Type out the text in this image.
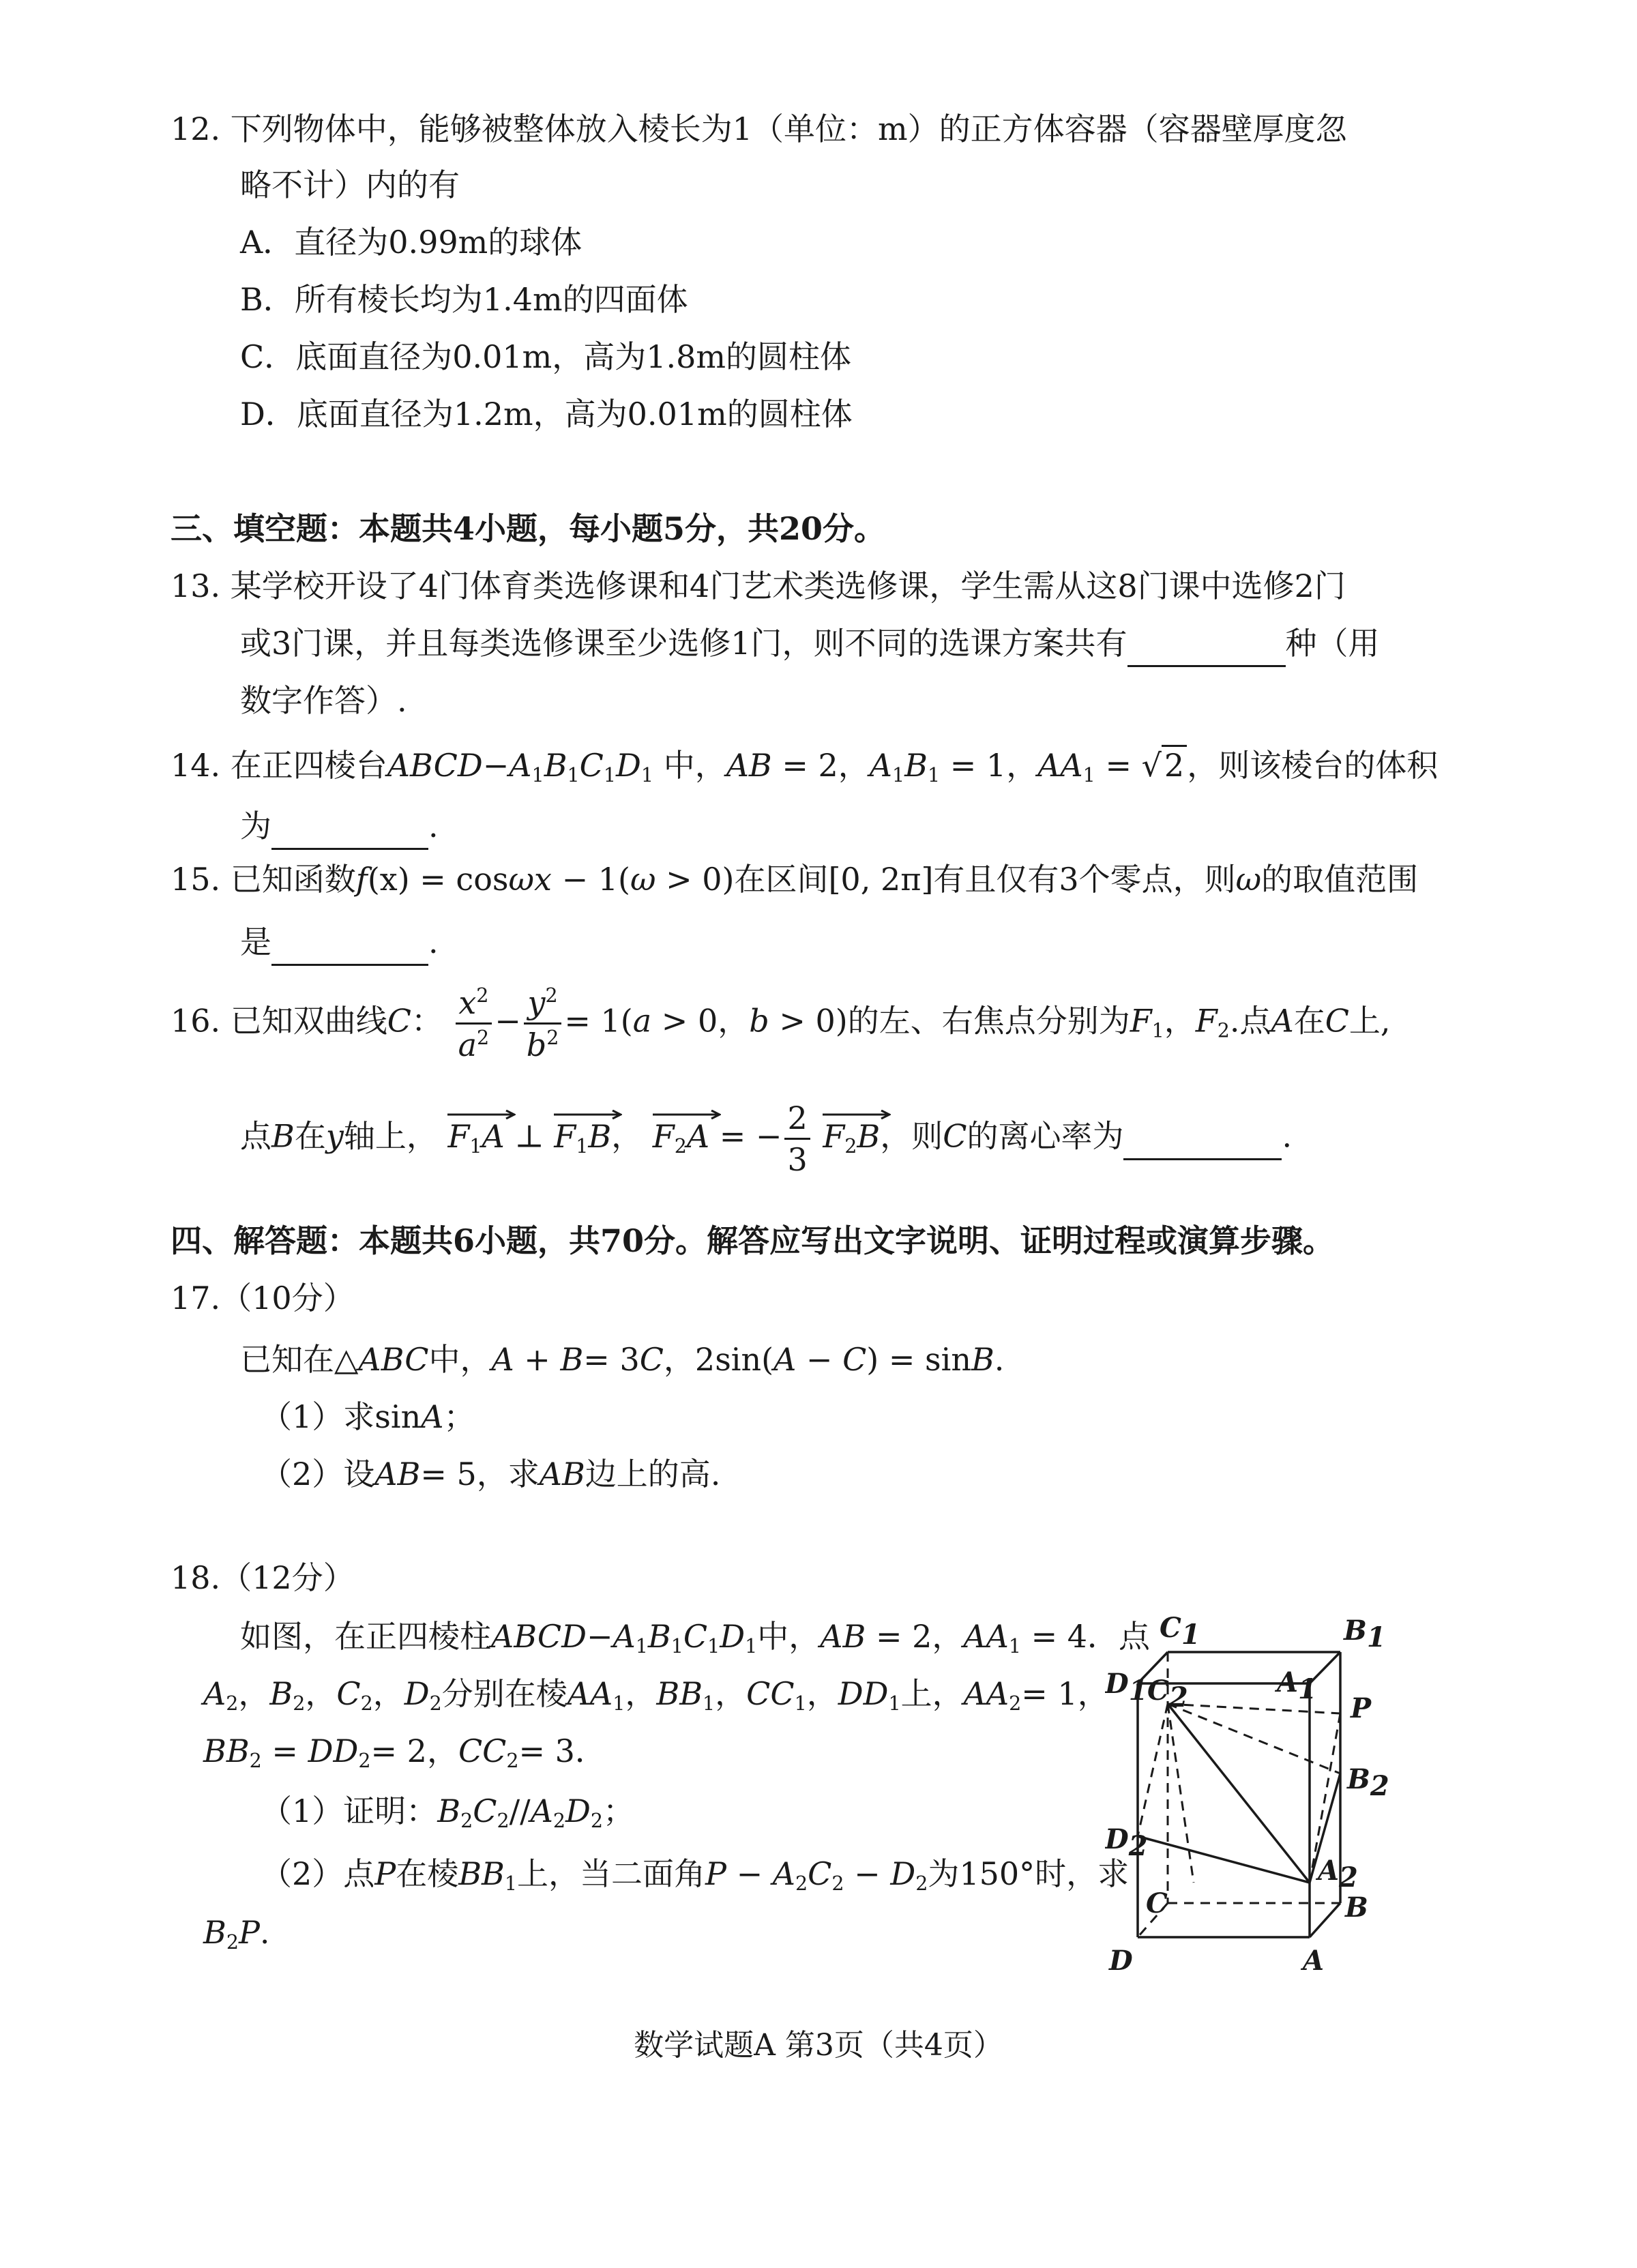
12. 下列物体中，能够被整体放入棱长为1（单位：m）的正方体容器（容器壁厚度忽
略不计）内的有
A．直径为0.99m的球体
B．所有棱长均为1.4m的四面体
C．底面直径为0.01m，高为1.8m的圆柱体
D．底面直径为1.2m，高为0.01m的圆柱体
三、填空题：本题共4小题，每小题5分，共20分。
13. 某学校开设了4门体育类选修课和4门艺术类选修课，学生需从这8门课中选修2门
或3门课，并且每类选修课至少选修1门，则不同的选课方案共有	种（用
数字作答）.
14. 在正四棱台$ABCD-A_1B_1C_1D_1$ 中，AB = 2，$A_1B_1 = 1$，$AA_1$ = √ 2 ，则该棱台的体积
为	.
15. 已知函数f(x) = cosωx − 1(ω > 0)在区间[0, 2π]有且仅有3个零点，则ω的取值范围
是	.
16. 已知双曲线C： $\frac{x^2}{a^2} - \frac{y^2}{b^2} = 1(a > 0$，b > 0)的左、右焦点分别为$F_1$，$F_2$.点A在C上,
点B在y轴上， $F_1A$ ⊥ $F_1B$， $F_2A$ = − $\frac{2}{3}$
$F_2B$，则C的离心率为	.
四、解答题：本题共6小题，共70分。解答应写出文字说明、证明过程或演算步骤。
17.（10分）
已知在△ABC中，A + B= 3C，2sin(A − C) = sinB.
（1）求sinA；
（2）设AB= 5，求AB边上的高.
18.（12分）
如图，在正四棱柱$ABCD-A_1B_1C_1D_1$中，AB = 2，$AA_1 = 4$．点
$A_2$，$B_2$，$C_2$，$D_2$分别在棱$AA_1$，$BB_1$，$CC_1$，$DD_1$上，$AA_2= 1$，
$BB_2 = DD_2= 2$，$CC_2= 3$．
（1）证明：$B_2C_2//A_2D_2$；
（2）点P在棱$BB_1$上，当二面角$P - A_2C_2 - D_2$为150°时，求
$B_2P$.
C1	B1
D1	A1
C2	P
B2
D2
A2
C	B
D	A
数学试题A 第3页（共4页）
